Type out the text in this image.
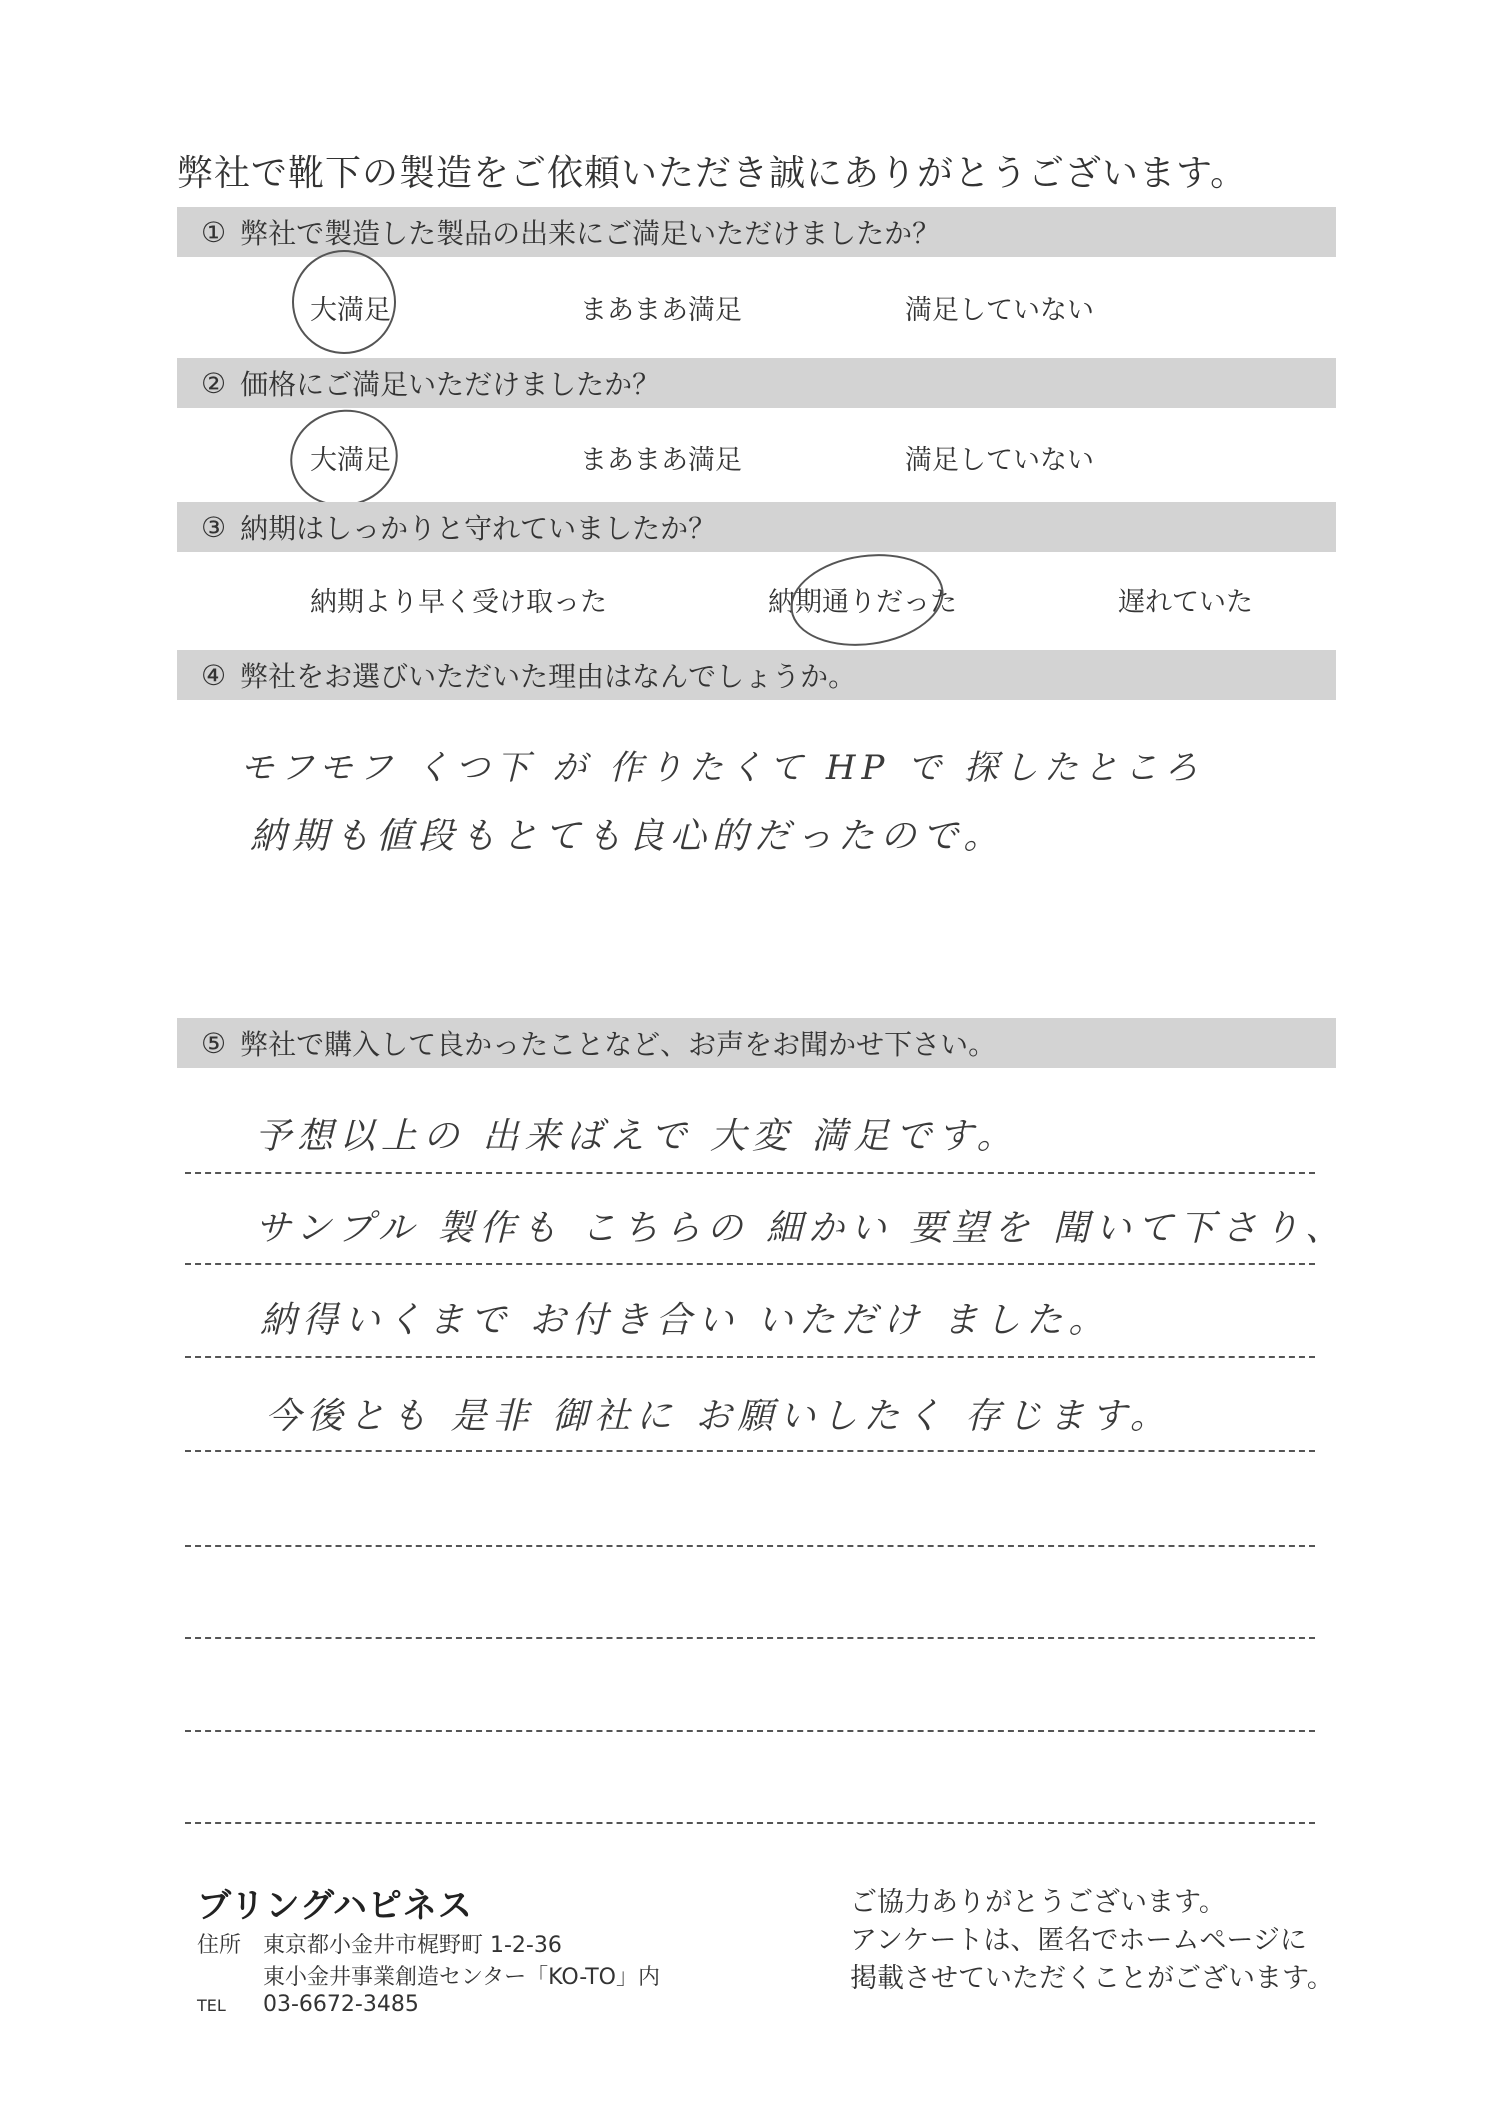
弊社で靴下の製造をご依頼いただき誠にありがとうございます。
① 弊社で製造した製品の出来にご満足いただけましたか？
大満足	まあまあ満足	満足していない
② 価格にご満足いただけましたか？
大満足	まあまあ満足	満足していない
③ 納期はしっかりと守れていましたか？
納期より早く受け取った	納期通りだった	遅れていた
④ 弊社をお選びいただいた理由はなんでしょうか。
モフモフ くつ下 が 作りたくて HP で 探したところ
納期も値段もとても良心的だったので。
⑤ 弊社で購入して良かったことなど、お声をお聞かせ下さい。
予想以上の 出来ばえで 大変 満足です。
サンプル 製作も こちらの 細かい 要望を 聞いて下さり、
納得いくまで お付き合い いただけ ました。
今後とも 是非 御社に お願いしたく 存じます。
ブリングハピネス
住所 東京都小金井市梶野町 1-2-36
東小金井事業創造センター「KO-TO」内
TEL 03-6672-3485
ご協力ありがとうございます。
アンケートは、匿名でホームページに
掲載させていただくことがございます。
